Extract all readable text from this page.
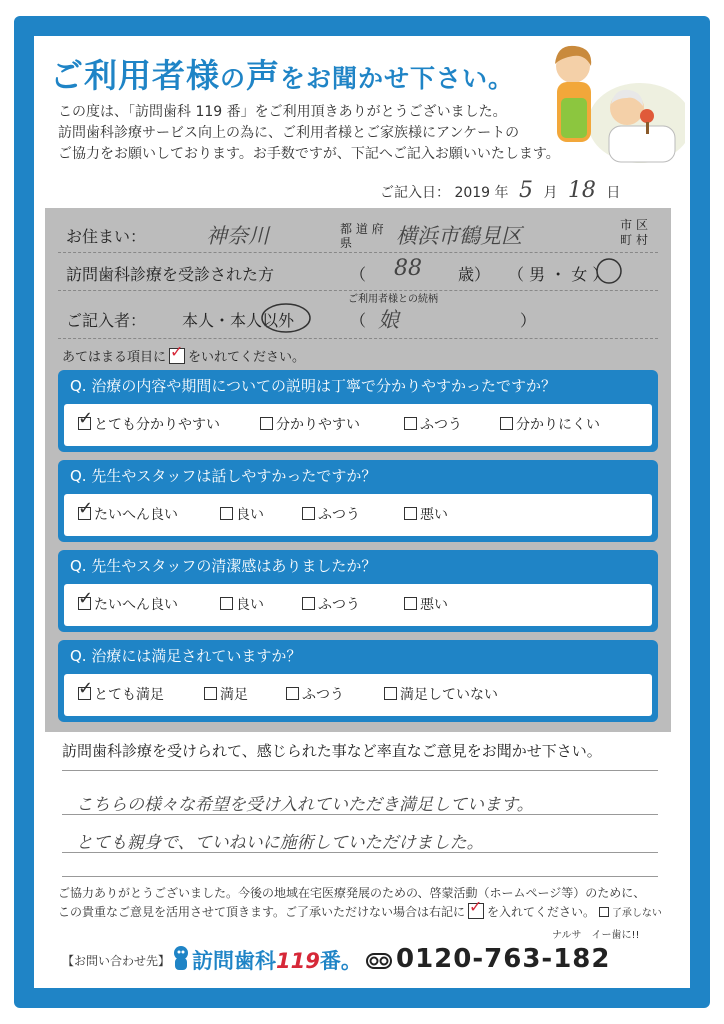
ご利用者様の声をお聞かせ下さい。
この度は、「訪問歯科 119 番」をご利用頂きありがとうございました。
訪問歯科診療サービス向上の為に、ご利用者様とご家族様にアンケートの
ご協力をお願いしております。お手数ですが、下記へご記入お願いいたします。
ご記入日： 2019 年 5 月 18 日
お住まい：	神奈川	都 道 府県	横浜市鶴見区	市 区 町 村
訪問歯科診療を受診された方	（ 88 歳） （ 男 ・ 女 ）
ご記入者： 本人・本人以外
ご利用者様との続柄
（ 娘	）
あてはまる項目に ✓ をいれてください。
Q. 治療の内容や期間についての説明は丁寧で分かりやすかったですか？
✓とても分かりやすい	分かりやすい	ふつう	分かりにくい
Q. 先生やスタッフは話しやすかったですか？
✓たいへん良い	良い	ふつう	悪い
Q. 先生やスタッフの清潔感はありましたか？
✓たいへん良い	良い	ふつう	悪い
Q. 治療には満足されていますか？
✓とても満足	満足	ふつう	満足していない
訪問歯科診療を受けられて、感じられた事など率直なご意見をお聞かせ下さい。
こちらの様々な希望を受け入れていただき満足しています。
とても親身で、ていねいに施術していただけました。
ご協力ありがとうございました。今後の地域在宅医療発展のための、啓蒙活動（ホームページ等）のために、
この貴重なご意見を活用させて頂きます。ご了承いただけない場合は右記に ✓ を入れてください。 了承しない
【お問い合わせ先】 訪問歯科119番。
ナルサ　イー歯に!!
0120-763-182
